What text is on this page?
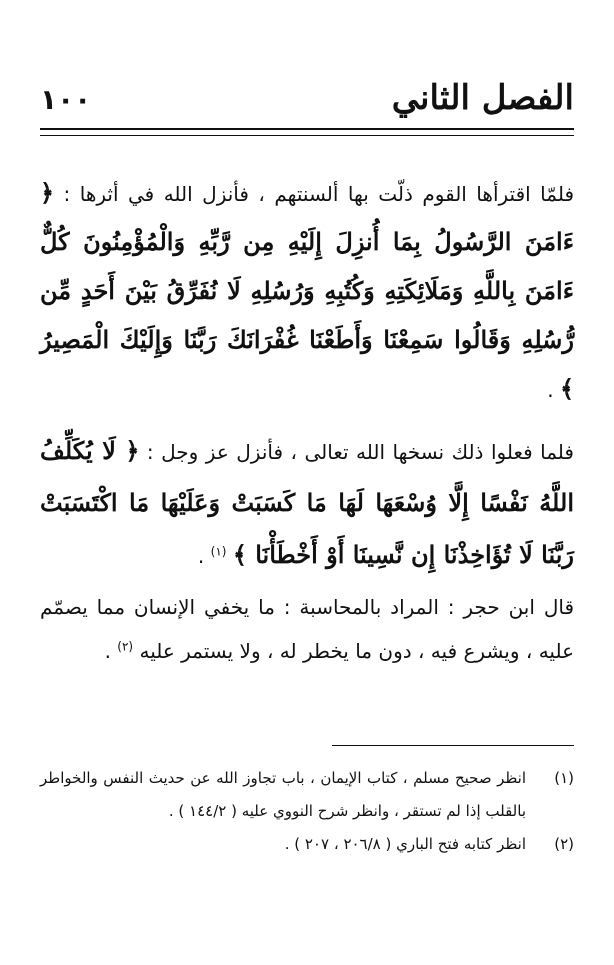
الفصل الثاني
١٠٠
فلمّا اقترأها القوم ذلّت بها ألسنتهم ، فأنزل الله في أثرها : ﴿ ءَامَنَ الرَّسُولُ بِمَا أُنزِلَ إِلَيْهِ مِن رَّبِّهِ وَالْمُؤْمِنُونَ كُلٌّ ءَامَنَ بِاللَّهِ وَمَلَائِكَتِهِ وَكُتُبِهِ وَرُسُلِهِ لَا نُفَرِّقُ بَيْنَ أَحَدٍ مِّن رُّسُلِهِ وَقَالُوا سَمِعْنَا وَأَطَعْنَا غُفْرَانَكَ رَبَّنَا وَإِلَيْكَ الْمَصِيرُ ﴾ .
فلما فعلوا ذلك نسخها الله تعالى ، فأنزل عز وجل : ﴿ لَا يُكَلِّفُ اللَّهُ نَفْسًا إِلَّا وُسْعَهَا لَهَا مَا كَسَبَتْ وَعَلَيْهَا مَا اكْتَسَبَتْ رَبَّنَا لَا تُؤَاخِذْنَا إِن نَّسِينَا أَوْ أَخْطَأْنَا ﴾ $^{(١)}$ .
قال ابن حجر : المراد بالمحاسبة : ما يخفي الإنسان مما يصمّم عليه ، ويشرع فيه ، دون ما يخطر له ، ولا يستمر عليه $^{(٢)}$ .
(١)
انظر صحيح مسلم ، كتاب الإيمان ، باب تجاوز الله عن حديث النفس والخواطر بالقلب إذا لم تستقر ، وانظر شرح النووي عليه ( ١٤٤/٢ ) .
(٢)
انظر كتابه فتح الباري ( ٢٠٦/٨ ، ٢٠٧ ) .
